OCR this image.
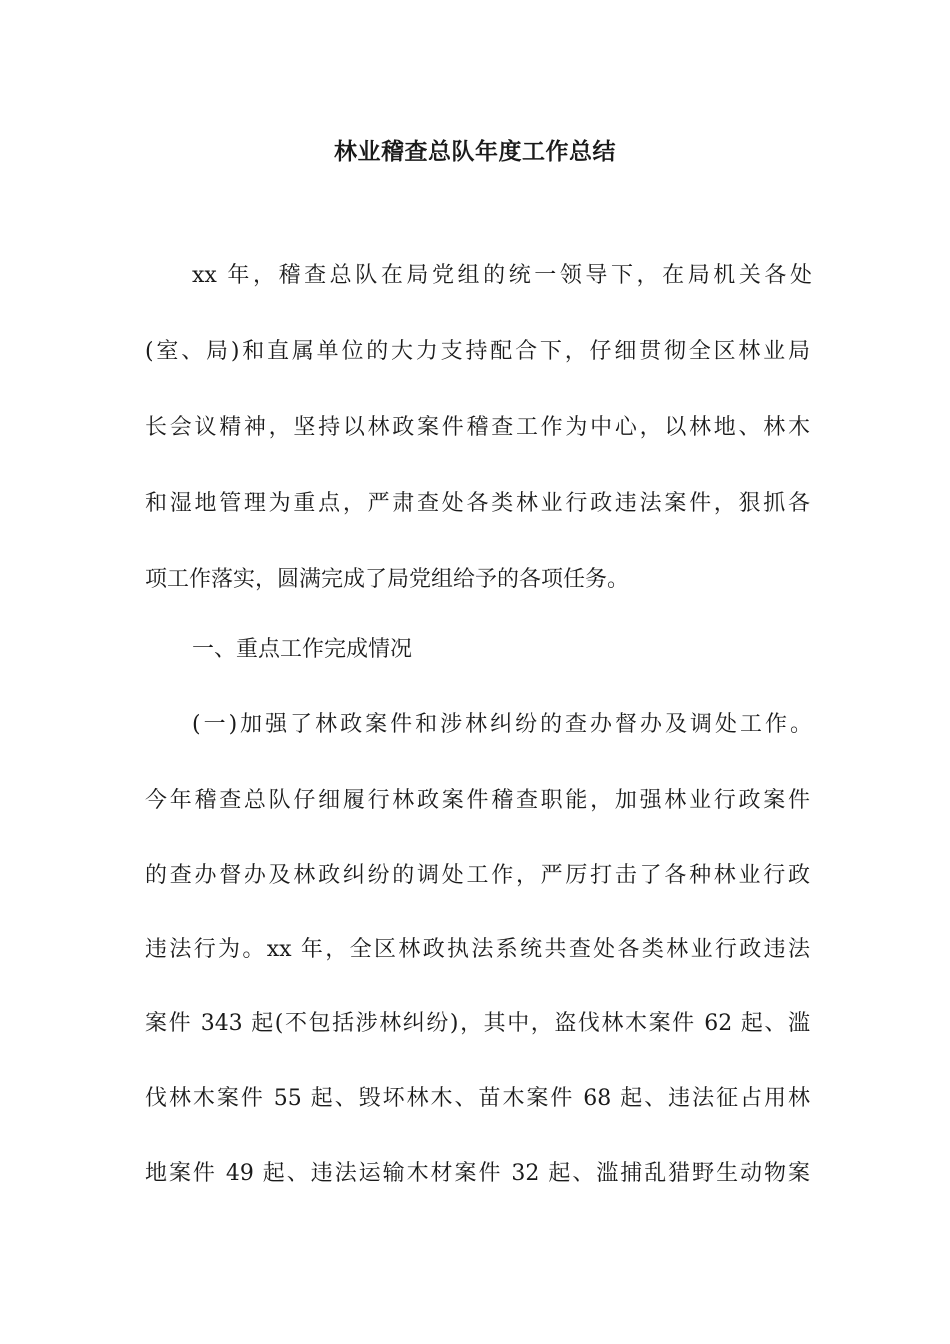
林业稽查总队年度工作总结
xx 年，稽查总队在局党组的统一领导下，在局机关各处
(室、局)和直属单位的大力支持配合下，仔细贯彻全区林业局
长会议精神，坚持以林政案件稽查工作为中心，以林地、林木
和湿地管理为重点，严肃查处各类林业行政违法案件，狠抓各
项工作落实，圆满完成了局党组给予的各项任务。
一、重点工作完成情况
(一)加强了林政案件和涉林纠纷的查办督办及调处工作。
今年稽查总队仔细履行林政案件稽查职能，加强林业行政案件
的查办督办及林政纠纷的调处工作，严厉打击了各种林业行政
违法行为。xx 年，全区林政执法系统共查处各类林业行政违法
案件 343 起(不包括涉林纠纷)，其中，盗伐林木案件 62 起、滥
伐林木案件 55 起、毁坏林木、苗木案件 68 起、违法征占用林
地案件 49 起、违法运输木材案件 32 起、滥捕乱猎野生动物案
